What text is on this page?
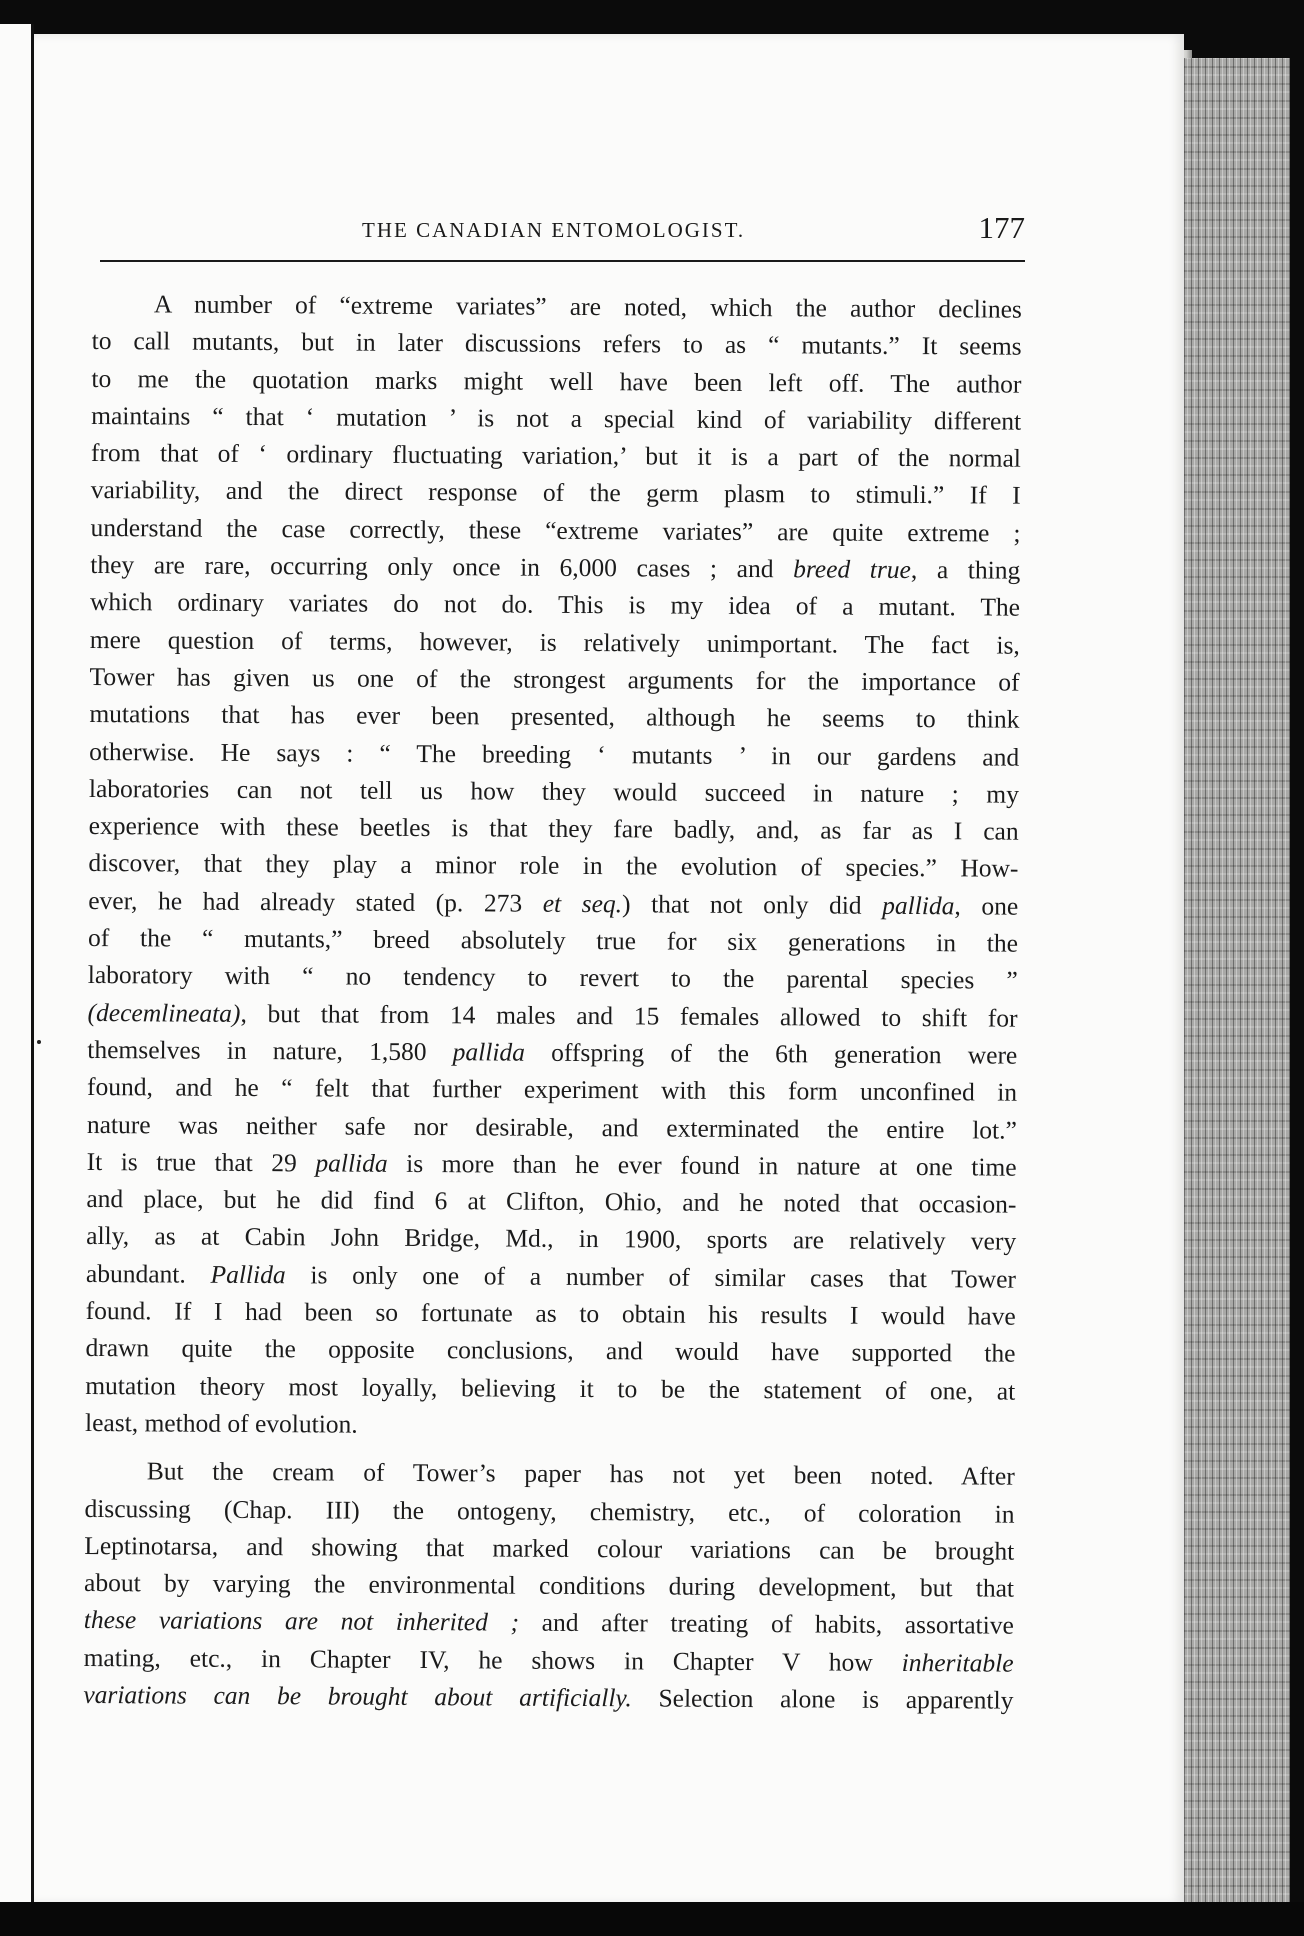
THE CANADIAN ENTOMOLOGIST.	177
A number of “extreme variates” are noted, which the author declines
to call mutants, but in later discussions refers to as “ mutants.” It seems
to me the quotation marks might well have been left off. The author
maintains “ that ‘ mutation ’ is not a special kind of variability different
from that of ‘ ordinary fluctuating variation,’ but it is a part of the normal
variability, and the direct response of the germ plasm to stimuli.” If I
understand the case correctly, these “extreme variates” are quite extreme ;
they are rare, occurring only once in 6,000 cases ; and breed true, a thing
which ordinary variates do not do. This is my idea of a mutant. The
mere question of terms, however, is relatively unimportant. The fact is,
Tower has given us one of the strongest arguments for the importance of
mutations that has ever been presented, although he seems to think
otherwise. He says : “ The breeding ‘ mutants ’ in our gardens and
laboratories can not tell us how they would succeed in nature ; my
experience with these beetles is that they fare badly, and, as far as I can
discover, that they play a minor role in the evolution of species.” How-
ever, he had already stated (p. 273 et seq.) that not only did pallida, one
of the “ mutants,” breed absolutely true for six generations in the
laboratory with “ no tendency to revert to the parental species ”
(decemlineata), but that from 14 males and 15 females allowed to shift for
themselves in nature, 1,580 pallida offspring of the 6th generation were
found, and he “ felt that further experiment with this form unconfined in
nature was neither safe nor desirable, and exterminated the entire lot.”
It is true that 29 pallida is more than he ever found in nature at one time
and place, but he did find 6 at Clifton, Ohio, and he noted that occasion-
ally, as at Cabin John Bridge, Md., in 1900, sports are relatively very
abundant. Pallida is only one of a number of similar cases that Tower
found. If I had been so fortunate as to obtain his results I would have
drawn quite the opposite conclusions, and would have supported the
mutation theory most loyally, believing it to be the statement of one, at
least, method of evolution.
But the cream of Tower’s paper has not yet been noted. After
discussing (Chap. III) the ontogeny, chemistry, etc., of coloration in
Leptinotarsa, and showing that marked colour variations can be brought
about by varying the environmental conditions during development, but that
these variations are not inherited ; and after treating of habits, assortative
mating, etc., in Chapter IV, he shows in Chapter V how inheritable
variations can be brought about artificially. Selection alone is apparently
